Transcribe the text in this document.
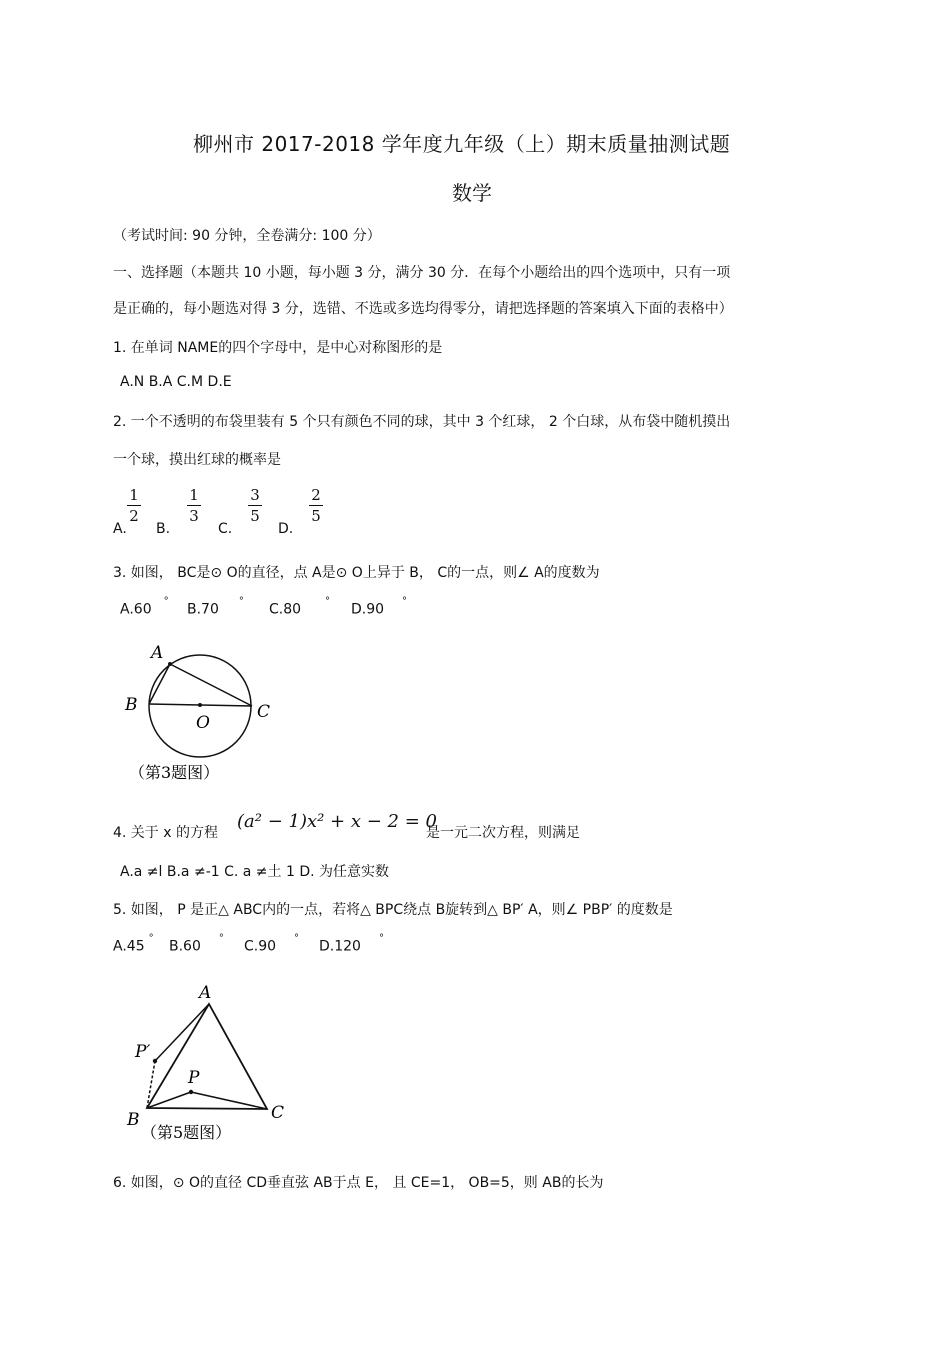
柳州市 2017-2018 学年度九年级（上）期末质量抽测试题
数学
（考试时间: 90 分钟，全卷满分: 100 分）
一、选择题（本题共 10 小题，每小题 3 分，满分 30 分．在每个小题给出的四个选项中，只有一项
是正确的，每小题选对得 3 分，选错、不选或多选均得零分，请把选择题的答案填入下面的表格中）
1. 在单词 NAME的四个字母中，是中心对称图形的是
A.N B.A C.M D.E
2. 一个不透明的布袋里装有 5 个只有颜色不同的球，其中 3 个红球， 2 个白球，从布袋中随机摸出
一个球，摸出红球的概率是
A.
1
2
B.
1
3
C.
3
5
D.
2
5
3. 如图， BC是⊙ O的直径，点 A是⊙ O上异于 B， C的一点，则∠ A的度数为
A.60°
B.70°
C.80°
D.90°
A
B
O
C
（第3题图）
4. 关于 x 的方程
(a² − 1)x² + x − 2 = 0
是一元二次方程，则满足
A.a ≠l B.a ≠-1 C. a ≠土 1 D. 为任意实数
5. 如图， P 是正△ ABC内的一点，若将△ BPC绕点 B旋转到△ BP′ A，则∠ PBP′ 的度数是
A.45°
B.60°
C.90°
D.120°
A
P′
P
B	C
（第5题图）
6. 如图，⊙ O的直径 CD垂直弦 AB于点 E， 且 CE=1， OB=5，则 AB的长为
